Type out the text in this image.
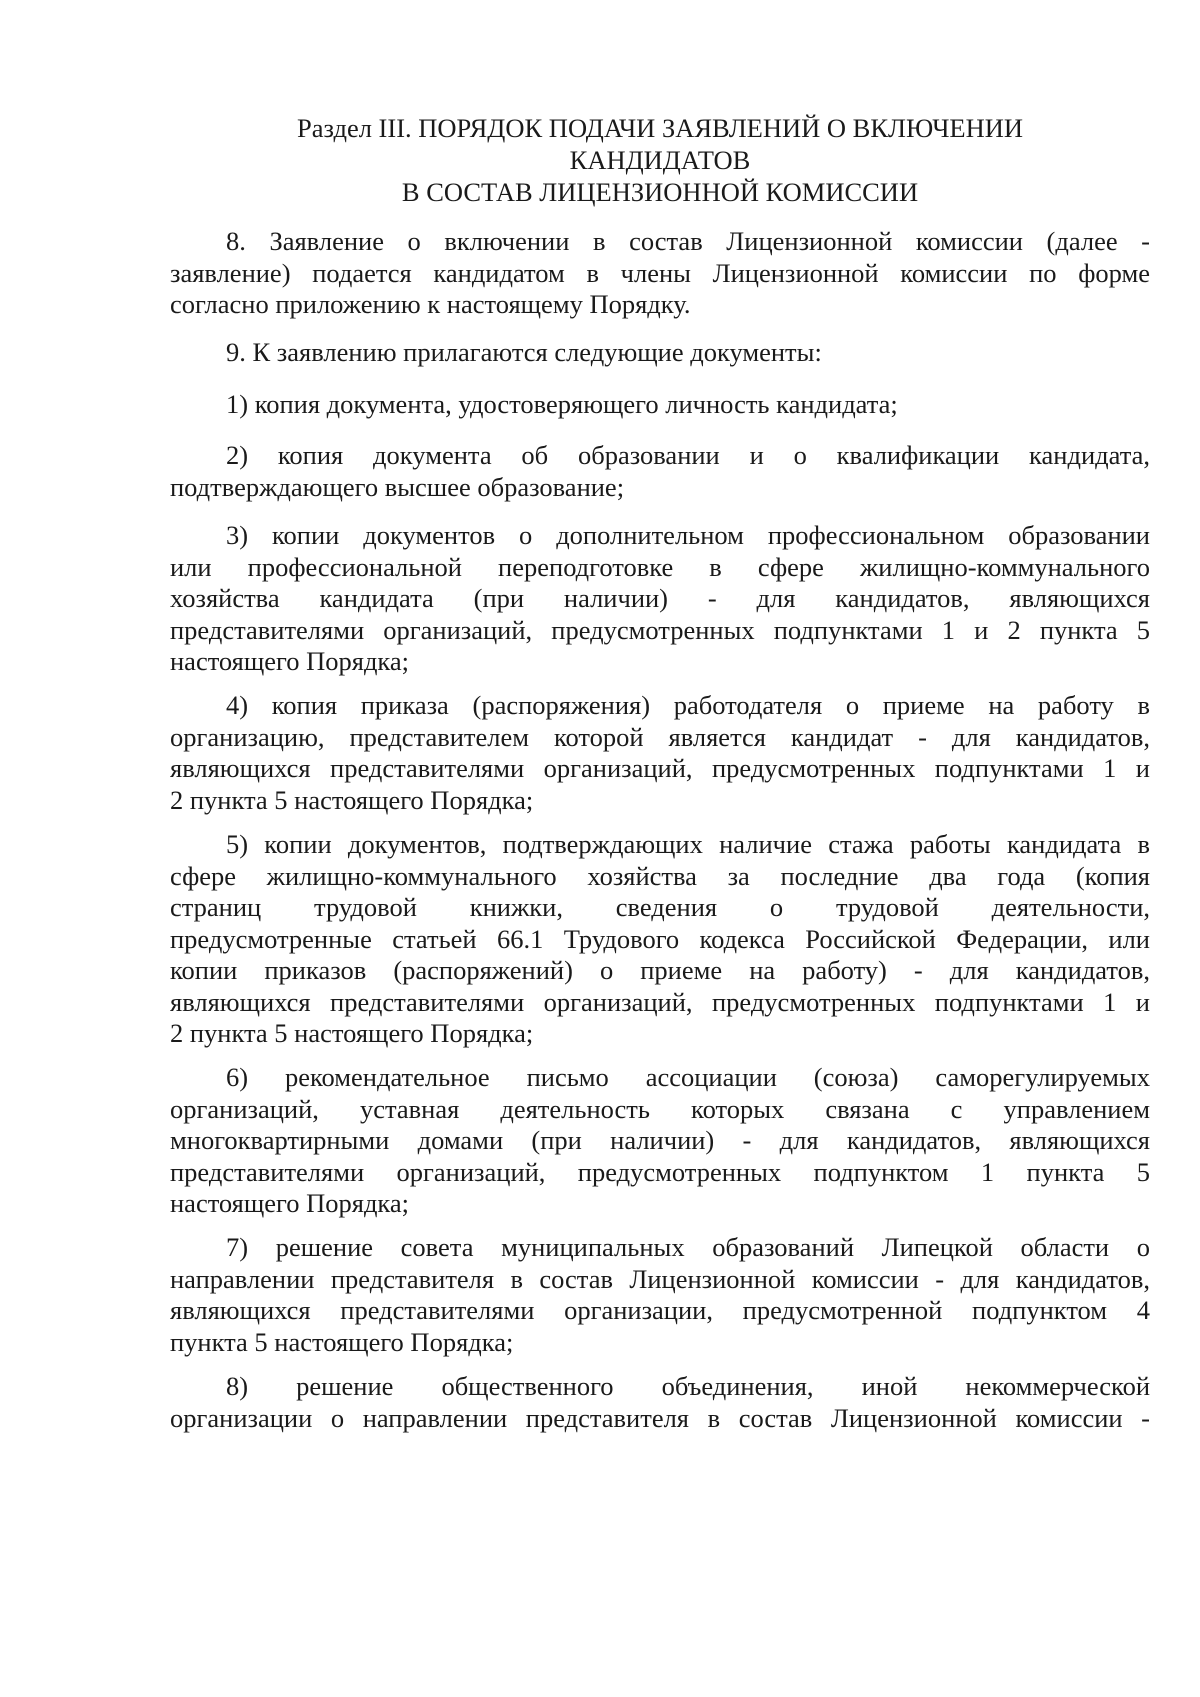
Раздел III. ПОРЯДОК ПОДАЧИ ЗАЯВЛЕНИЙ О ВКЛЮЧЕНИИ
КАНДИДАТОВ
В СОСТАВ ЛИЦЕНЗИОННОЙ КОМИССИИ

8. Заявление о включении в состав Лицензионной комиссии (далее -
заявление) подается кандидатом в члены Лицензионной комиссии по форме
согласно приложению к настоящему Порядку.

9. К заявлению прилагаются следующие документы:

1) копия документа, удостоверяющего личность кандидата;

2) копия документа об образовании и о квалификации кандидата,
подтверждающего высшее образование;

3) копии документов о дополнительном профессиональном образовании
или профессиональной переподготовке в сфере жилищно-коммунального
хозяйства кандидата (при наличии) - для кандидатов, являющихся
представителями организаций, предусмотренных подпунктами 1 и 2 пункта 5
настоящего Порядка;

4) копия приказа (распоряжения) работодателя о приеме на работу в
организацию, представителем которой является кандидат - для кандидатов,
являющихся представителями организаций, предусмотренных подпунктами 1 и
2 пункта 5 настоящего Порядка;

5) копии документов, подтверждающих наличие стажа работы кандидата в
сфере жилищно-коммунального хозяйства за последние два года (копия
страниц трудовой книжки, сведения о трудовой деятельности,
предусмотренные статьей 66.1 Трудового кодекса Российской Федерации, или
копии приказов (распоряжений) о приеме на работу) - для кандидатов,
являющихся представителями организаций, предусмотренных подпунктами 1 и
2 пункта 5 настоящего Порядка;

6) рекомендательное письмо ассоциации (союза) саморегулируемых
организаций, уставная деятельность которых связана с управлением
многоквартирными домами (при наличии) - для кандидатов, являющихся
представителями организаций, предусмотренных подпунктом 1 пункта 5
настоящего Порядка;

7) решение совета муниципальных образований Липецкой области о
направлении представителя в состав Лицензионной комиссии - для кандидатов,
являющихся представителями организации, предусмотренной подпунктом 4
пункта 5 настоящего Порядка;

8) решение общественного объединения, иной некоммерческой
организации о направлении представителя в состав Лицензионной комиссии -
